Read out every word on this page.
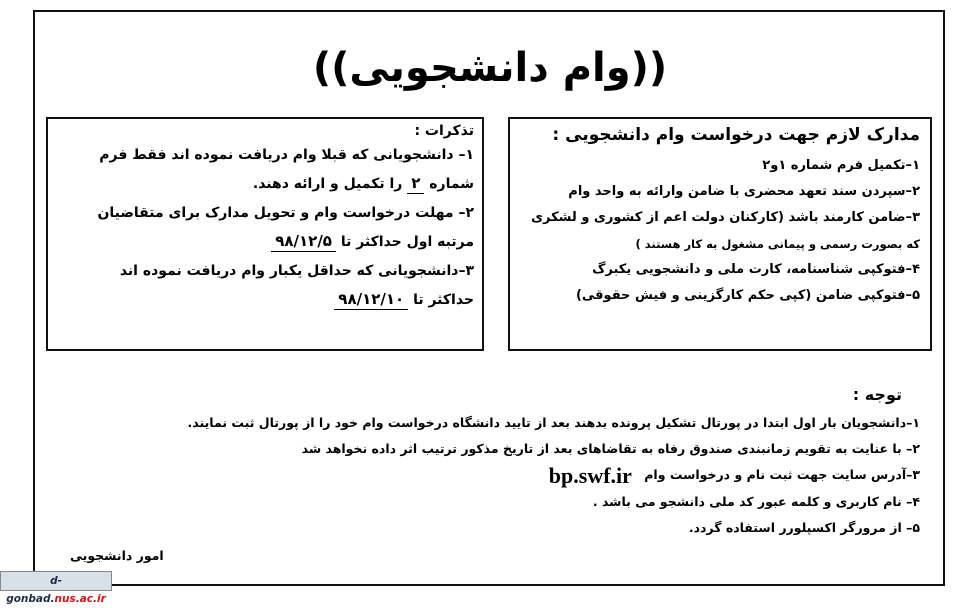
((وام دانشجویی))
مدارک لازم جهت درخواست وام دانشجویی :
۱–تکمیل فرم شماره ۱و۲
۲–سپردن سند تعهد محضری با ضامن وارائه به واحد وام
۳–ضامن کارمند باشد (کارکنان دولت اعم از کشوری و لشکری
که بصورت رسمی و پیمانی مشغول به کار هستند )
۴–فتوکپی شناسنامه، کارت ملی و دانشجویی یکبرگ
۵–فتوکپی ضامن (کپی حکم کارگزینی و فیش حقوقی)
تذکرات :
۱– دانشجویانی که قبلا وام دریافت نموده اند فقط فرم
شماره ۲ را تکمیل و ارائه دهند.
۲– مهلت درخواست وام و تحویل مدارک برای متقاضیان
مرتبه اول حداکثر تا ۹۸/۱۲/۵
۳–دانشجویانی که حداقل یکبار وام دریافت نموده اند
حداکثر تا ۹۸/۱۲/۱۰
توجه :
۱–دانشجویان بار اول ابتدا در پورتال تشکیل پرونده بدهند بعد از تایید دانشگاه درخواست وام خود را از پورتال ثبت نمایند.
۲– با عنایت به تقویم زمانبندی صندوق رفاه به تقاضاهای بعد از تاریخ مذکور ترتیب اثر داده نخواهد شد
۳–آدرس سایت جهت ثبت نام و درخواست وام bp.swf.ir
۴– نام کاربری و کلمه عبور کد ملی دانشجو می باشد .
۵– از مرورگر اکسپلورر استفاده گردد.
امور دانشجویی
d-gonbad.nus.ac.ir
